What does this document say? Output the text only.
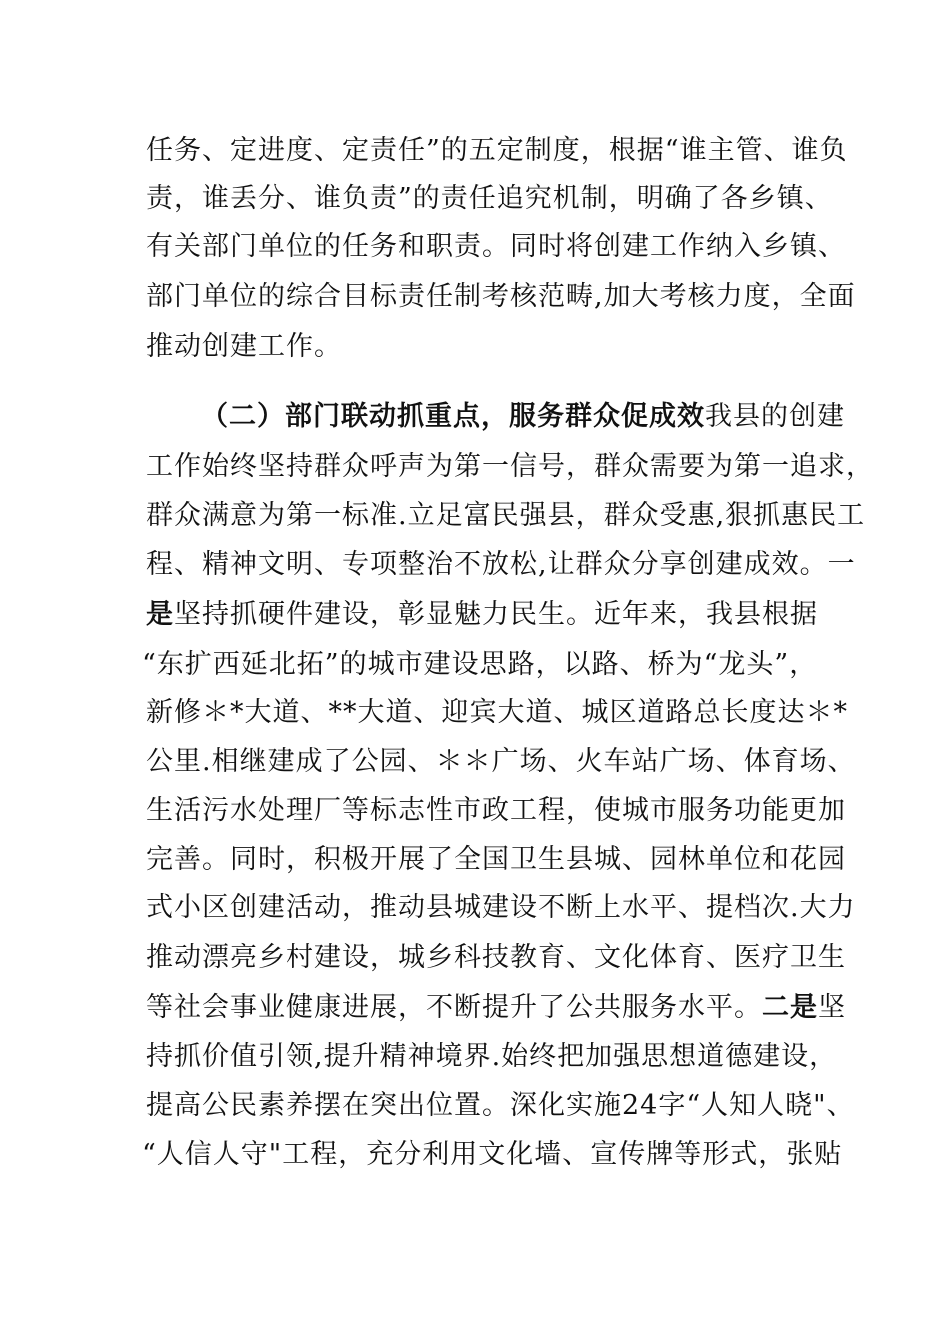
任务、定进度、定责任”的五定制度，根据“谁主管、谁负
责，谁丢分、谁负责”的责任追究机制，明确了各乡镇、
有关部门单位的任务和职责。同时将创建工作纳入乡镇、
部门单位的综合目标责任制考核范畴,加大考核力度，全面
推动创建工作。
（二）部门联动抓重点，服务群众促成效我县的创建
工作始终坚持群众呼声为第一信号，群众需要为第一追求，
群众满意为第一标准.立足富民强县，群众受惠,狠抓惠民工
程、精神文明、专项整治不放松,让群众分享创建成效。一
是坚持抓硬件建设，彰显魅力民生。近年来，我县根据
“东扩西延北拓”的城市建设思路，以路、桥为“龙头”，
新修＊*大道、**大道、迎宾大道、城区道路总长度达＊*
公里.相继建成了公园、＊＊广场、火车站广场、体育场、
生活污水处理厂等标志性市政工程，使城市服务功能更加
完善。同时，积极开展了全国卫生县城、园林单位和花园
式小区创建活动，推动县城建设不断上水平、提档次.大力
推动漂亮乡村建设，城乡科技教育、文化体育、医疗卫生
等社会事业健康进展，不断提升了公共服务水平。二是坚
持抓价值引领,提升精神境界.始终把加强思想道德建设，
提高公民素养摆在突出位置。深化实施24字“人知人晓"、
“人信人守"工程，充分利用文化墙、宣传牌等形式，张贴
